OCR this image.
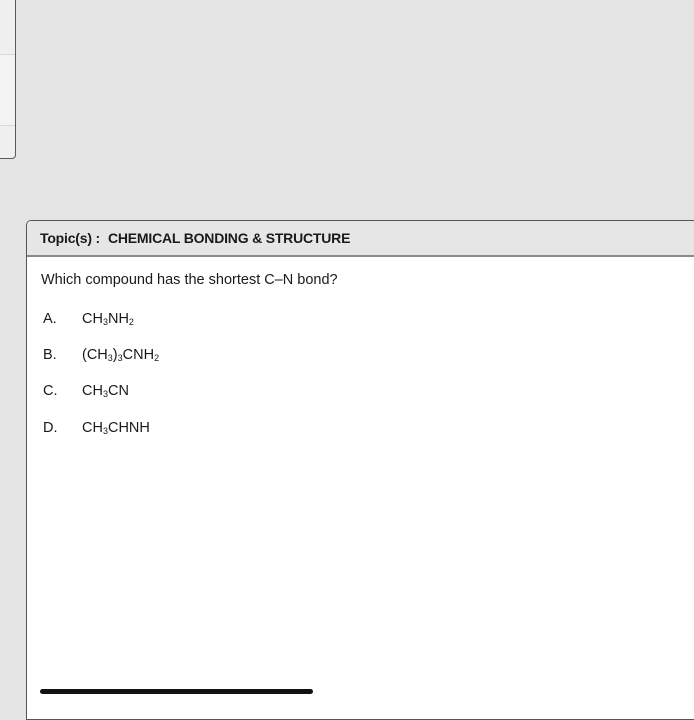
Topic(s) : CHEMICAL BONDING & STRUCTURE

Which compound has the shortest C–N bond?

A.	$CH_3NH_2$
B.	$(CH_3)_3CNH_2$
C.	$CH_3CN$
D.	$CH_3CHNH$
